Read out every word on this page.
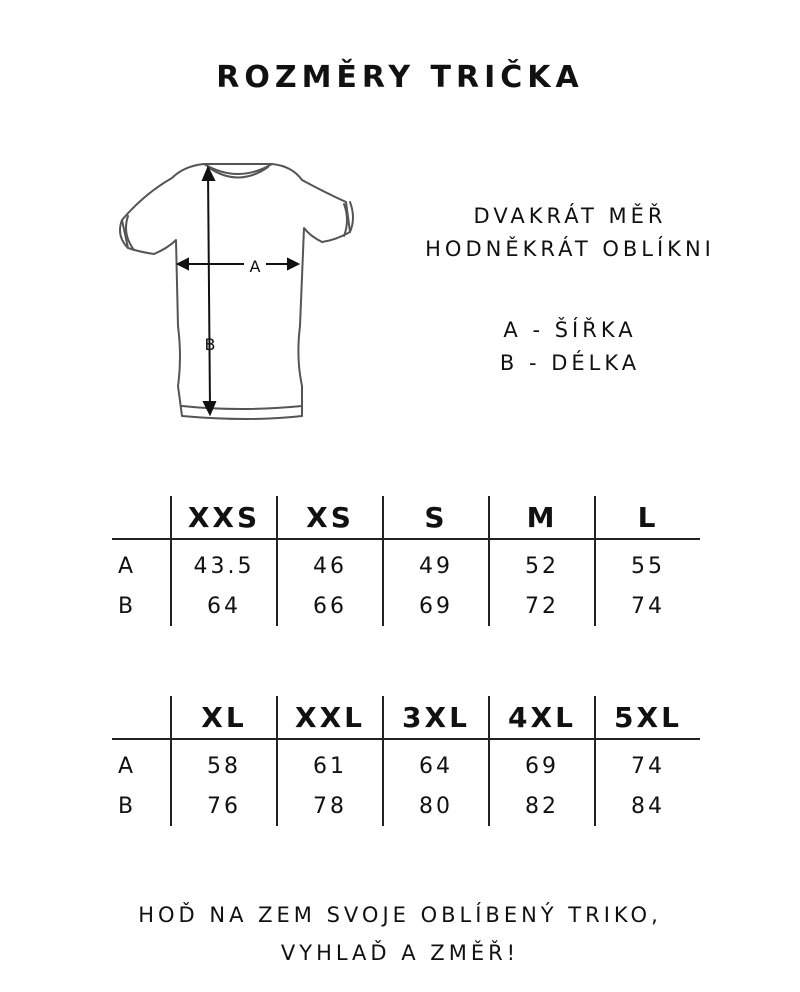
ROZMĚRY TRIČKA
A
B
DVAKRÁT MĚŘ
HODNĚKRÁT OBLÍKNI
A - ŠÍŘKA
B - DÉLKA
	XXS	XS	S	M	L
A	43.5	46	49	52	55
B	64	66	69	72	74
	XL	XXL	3XL	4XL	5XL
A	58	61	64	69	74
B	76	78	80	82	84
HOĎ NA ZEM SVOJE OBLÍBENÝ TRIKO,
VYHLAĎ A ZMĚŘ!
